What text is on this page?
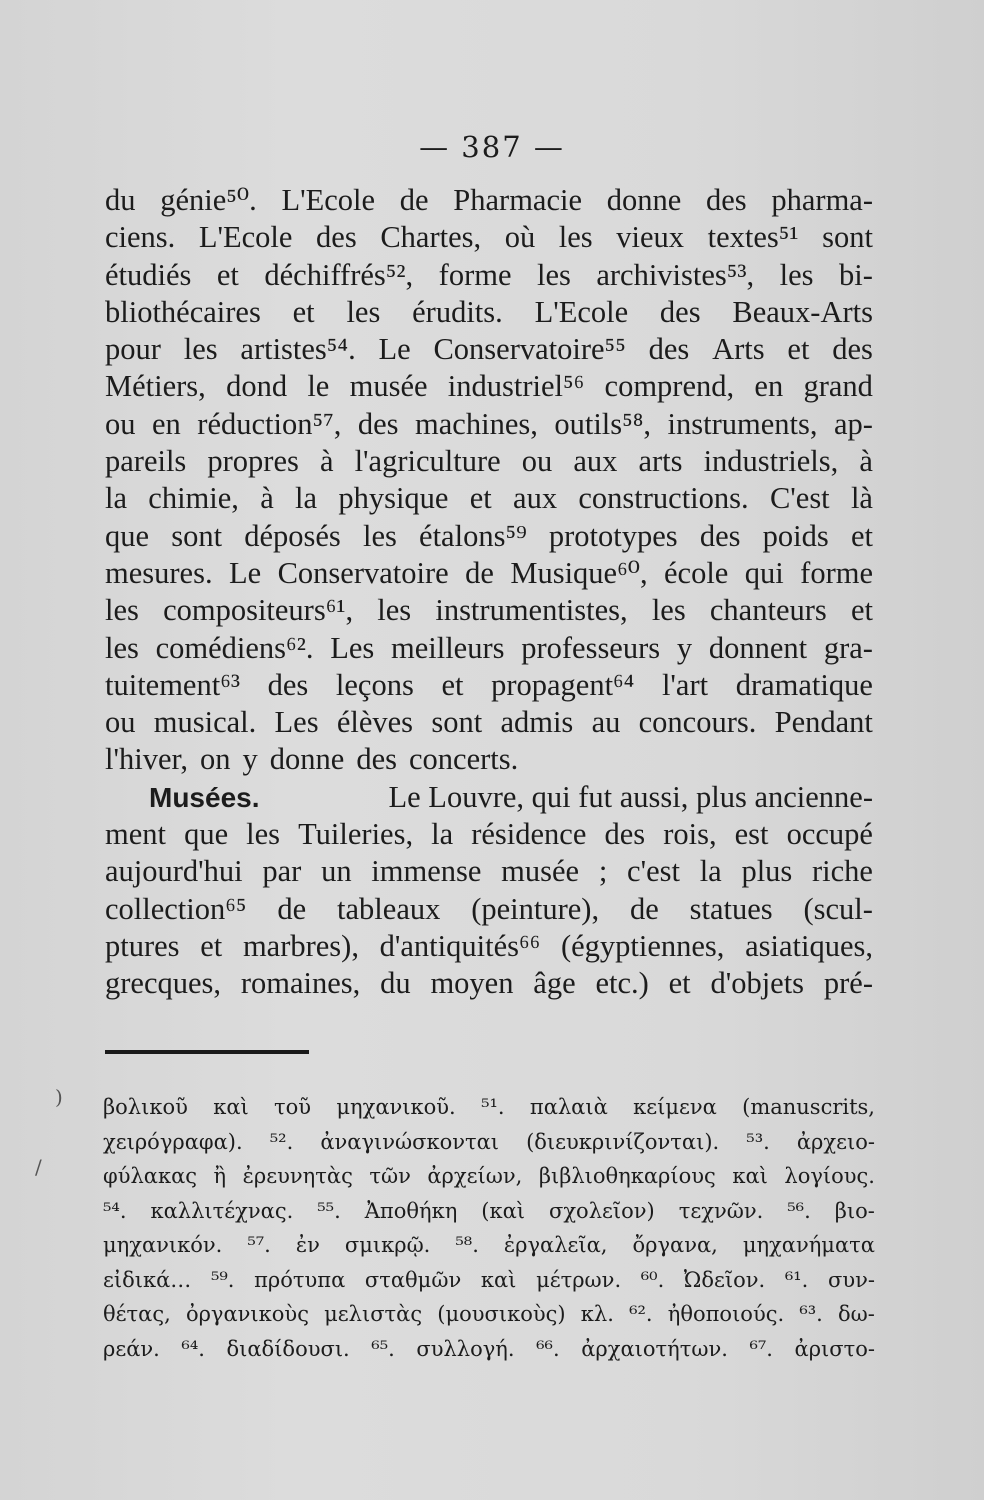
— 387 —
du génie⁵⁰. L'Ecole de Pharmacie donne des pharma-
ciens. L'Ecole des Chartes, où les vieux textes⁵¹ sont
étudiés et déchiffrés⁵², forme les archivistes⁵³, les bi-
bliothécaires et les érudits. L'Ecole des Beaux-Arts
pour les artistes⁵⁴. Le Conservatoire⁵⁵ des Arts et des
Métiers, dond le musée industriel⁵⁶ comprend, en grand
ou en réduction⁵⁷, des machines, outils⁵⁸, instruments, ap-
pareils propres à l'agriculture ou aux arts industriels, à
la chimie, à la physique et aux constructions. C'est là
que sont déposés les étalons⁵⁹ prototypes des poids et
mesures. Le Conservatoire de Musique⁶⁰, école qui forme
les compositeurs⁶¹, les instrumentistes, les chanteurs et
les comédiens⁶². Les meilleurs professeurs y donnent gra-
tuitement⁶³ des leçons et propagent⁶⁴ l'art dramatique
ou musical. Les élèves sont admis au concours. Pendant
l'hiver, on y donne des concerts.
Musées.	Le Louvre, qui fut aussi, plus ancienne-
ment que les Tuileries, la résidence des rois, est occupé
aujourd'hui par un immense musée ; c'est la plus riche
collection⁶⁵ de tableaux (peinture), de statues (scul-
ptures et marbres), d'antiquités⁶⁶ (égyptiennes, asiatiques,
grecques, romaines, du moyen âge etc.) et d'objets pré-
βολικοῦ καὶ τοῦ μηχανικοῦ. ⁵¹. παλαιὰ κείμενα (manuscrits,
χειρόγραφα). ⁵². ἀναγινώσκονται (διευκρινίζονται). ⁵³. ἀρχειο-
φύλακας ἢ ἐρευνητὰς τῶν ἀρχείων, βιβλιοθηκαρίους καὶ λογίους.
⁵⁴. καλλιτέχνας. ⁵⁵. Ἀποθήκη (καὶ σχολεῖον) τεχνῶν. ⁵⁶. βιο-
μηχανικόν. ⁵⁷. ἐν σμικρῷ. ⁵⁸. ἐργαλεῖα, ὄργανα, μηχανήματα
εἰδικά… ⁵⁹. πρότυπα σταθμῶν καὶ μέτρων. ⁶⁰. Ὠδεῖον. ⁶¹. συν-
θέτας, ὀργανικοὺς μελιστὰς (μουσικοὺς) κλ. ⁶². ἠθοποιούς. ⁶³. δω-
ρεάν. ⁶⁴. διαδίδουσι. ⁶⁵. συλλογή. ⁶⁶. ἀρχαιοτήτων. ⁶⁷. ἀριστο-
)
/
